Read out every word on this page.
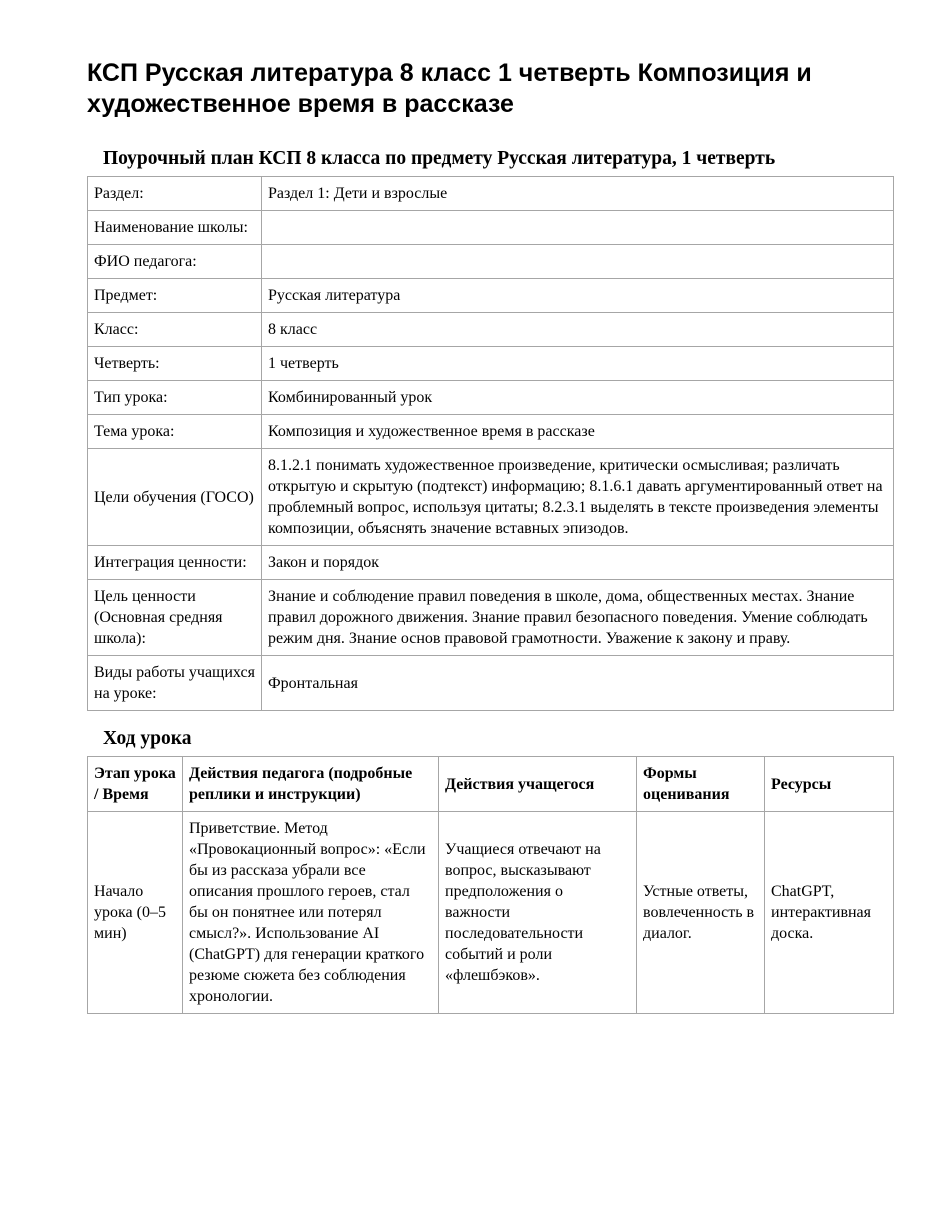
КСП Русская литература 8 класс 1 четверть Композиция и художественное время в рассказе
Поурочный план КСП 8 класса по предмету Русская литература, 1 четверть
Раздел:	Раздел 1: Дети и взрослые
Наименование школы:	
ФИО педагога:	
Предмет:	Русская литература
Класс:	8 класс
Четверть:	1 четверть
Тип урока:	Комбинированный урок
Тема урока:	Композиция и художественное время в рассказе
Цели обучения (ГОСО)	8.1.2.1 понимать художественное произведение, критически осмысливая; различать открытую и скрытую (подтекст) информацию; 8.1.6.1 давать аргументированный ответ на проблемный вопрос, используя цитаты; 8.2.3.1 выделять в тексте произведения элементы композиции, объяснять значение вставных эпизодов.
Интеграция ценности:	Закон и порядок
Цель ценности (Основная средняя школа):	Знание и соблюдение правил поведения в школе, дома, общественных местах. Знание правил дорожного движения. Знание правил безопасного поведения. Умение соблюдать режим дня. Знание основ правовой грамотности. Уважение к закону и праву.
Виды работы учащихся на уроке:	Фронтальная
Ход урока
Этап урока / Время	Действия педагога (подробные реплики и инструкции)	Действия учащегося	Формы оценивания	Ресурсы
Начало урока (0–5 мин)	Приветствие. Метод «Провокационный вопрос»: «Если бы из рассказа убрали все описания прошлого героев, стал бы он понятнее или потерял смысл?». Использование AI (ChatGPT) для генерации краткого резюме сюжета без соблюдения хронологии.	Учащиеся отвечают на вопрос, высказывают предположения о важности последовательности событий и роли «флешбэков».	Устные ответы, вовлеченность в диалог.	ChatGPT, интерактивная доска.
